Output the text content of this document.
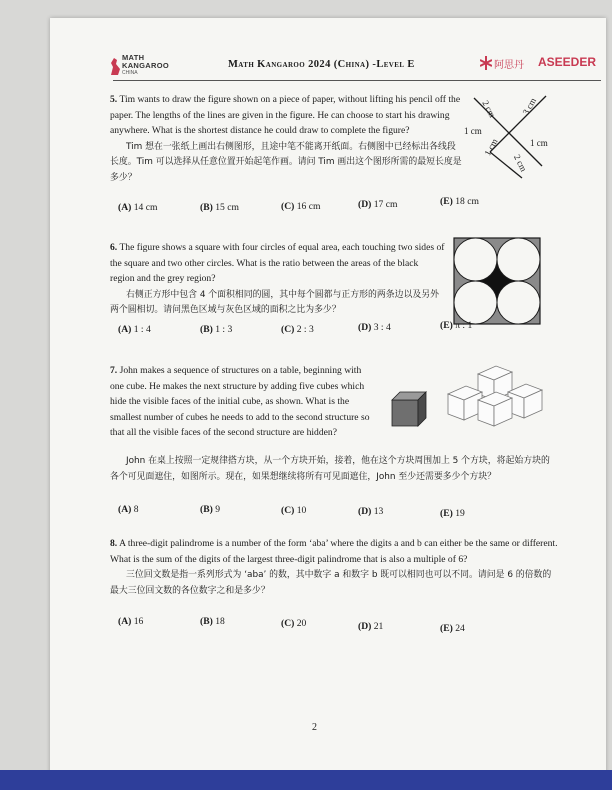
MATH
KANGAROO
CHINA
Math Kangaroo 2024 (China) -Level E	阿思丹 ASEEDER
5. Tim wants to draw the figure shown on a piece of paper, without lifting his pencil off the paper. The lengths of the lines are given in the figure. He can choose to start his drawing anywhere. What is the shortest distance he could draw to complete the figure?
Tim 想在一张纸上画出右侧图形，且途中笔不能离开纸面。右侧图中已经标出各线段长度。Tim 可以选择从任意位置开始起笔作画。请问 Tim 画出这个图形所需的最短长度是多少？
2 cm	3 cm
1 cm
1 cm	1 cm
2 cm
(A) 14 cm	(B) 15 cm	(C) 16 cm	(D) 17 cm	(E) 18 cm
6. The figure shows a square with four circles of equal area, each touching two sides of the square and two other circles. What is the ratio between the areas of the black region and the grey region?
右侧正方形中包含 4 个面积相同的圆，其中每个圆都与正方形的两条边以及另外两个圆相切。请问黑色区域与灰色区域的面积之比为多少？
(A) 1 : 4	(B) 1 : 3	(C) 2 : 3	(D) 3 : 4	(E) π : 1
7. John makes a sequence of structures on a table, beginning with one cube. He makes the next structure by adding five cubes which hide the visible faces of the initial cube, as shown. What is the smallest number of cubes he needs to add to the second structure so that all the visible faces of the second structure are hidden?
John 在桌上按照一定规律搭方块，从一个方块开始，接着，他在这个方块周围加上 5 个方块，将起始方块的各个可见面遮住，如图所示。现在，如果想继续将所有可见面遮住，John 至少还需要多少个方块？
(A) 8	(B) 9	(C) 10	(D) 13	(E) 19
8. A three-digit palindrome is a number of the form ‘aba’ where the digits a and b can either be the same or different. What is the sum of the digits of the largest three-digit palindrome that is also a multiple of 6?
三位回文数是指一系列形式为 ‘aba’ 的数，其中数字 a 和数字 b 既可以相同也可以不同。请问是 6 的倍数的最大三位回文数的各位数字之和是多少？
(A) 16	(B) 18	(C) 20	(D) 21	(E) 24
2
